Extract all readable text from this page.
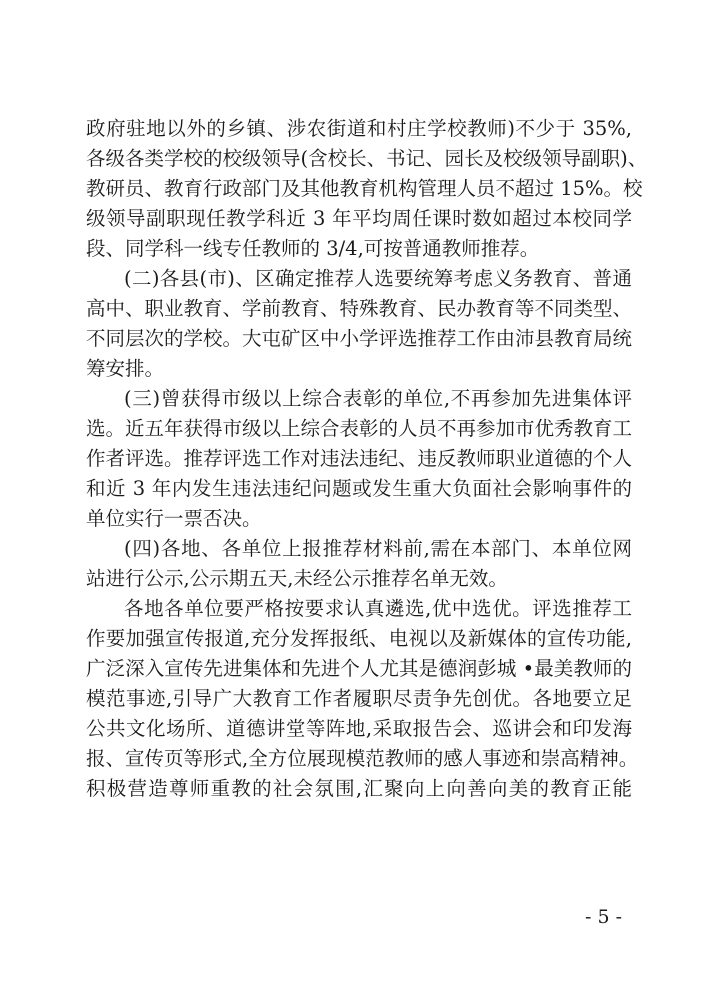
政府驻地以外的乡镇、涉农街道和村庄学校教师)不少于 35%,
各级各类学校的校级领导(含校长、书记、园长及校级领导副职)、
教研员、教育行政部门及其他教育机构管理人员不超过 15%。校
级领导副职现任教学科近 3 年平均周任课时数如超过本校同学
段、同学科一线专任教师的 3/4,可按普通教师推荐。
(二)各县(市)、区确定推荐人选要统筹考虑义务教育、普通
高中、职业教育、学前教育、特殊教育、民办教育等不同类型、
不同层次的学校。大屯矿区中小学评选推荐工作由沛县教育局统
筹安排。
(三)曾获得市级以上综合表彰的单位,不再参加先进集体评
选。近五年获得市级以上综合表彰的人员不再参加市优秀教育工
作者评选。推荐评选工作对违法违纪、违反教师职业道德的个人
和近 3 年内发生违法违纪问题或发生重大负面社会影响事件的
单位实行一票否决。
(四)各地、各单位上报推荐材料前,需在本部门、本单位网
站进行公示,公示期五天,未经公示推荐名单无效。
各地各单位要严格按要求认真遴选,优中选优。评选推荐工
作要加强宣传报道,充分发挥报纸、电视以及新媒体的宣传功能,
广泛深入宣传先进集体和先进个人尤其是德润彭城 •最美教师的
模范事迹,引导广大教育工作者履职尽责争先创优。各地要立足
公共文化场所、道德讲堂等阵地,采取报告会、巡讲会和印发海
报、宣传页等形式,全方位展现模范教师的感人事迹和崇高精神。
积极营造尊师重教的社会氛围,汇聚向上向善向美的教育正能
- 5 -
